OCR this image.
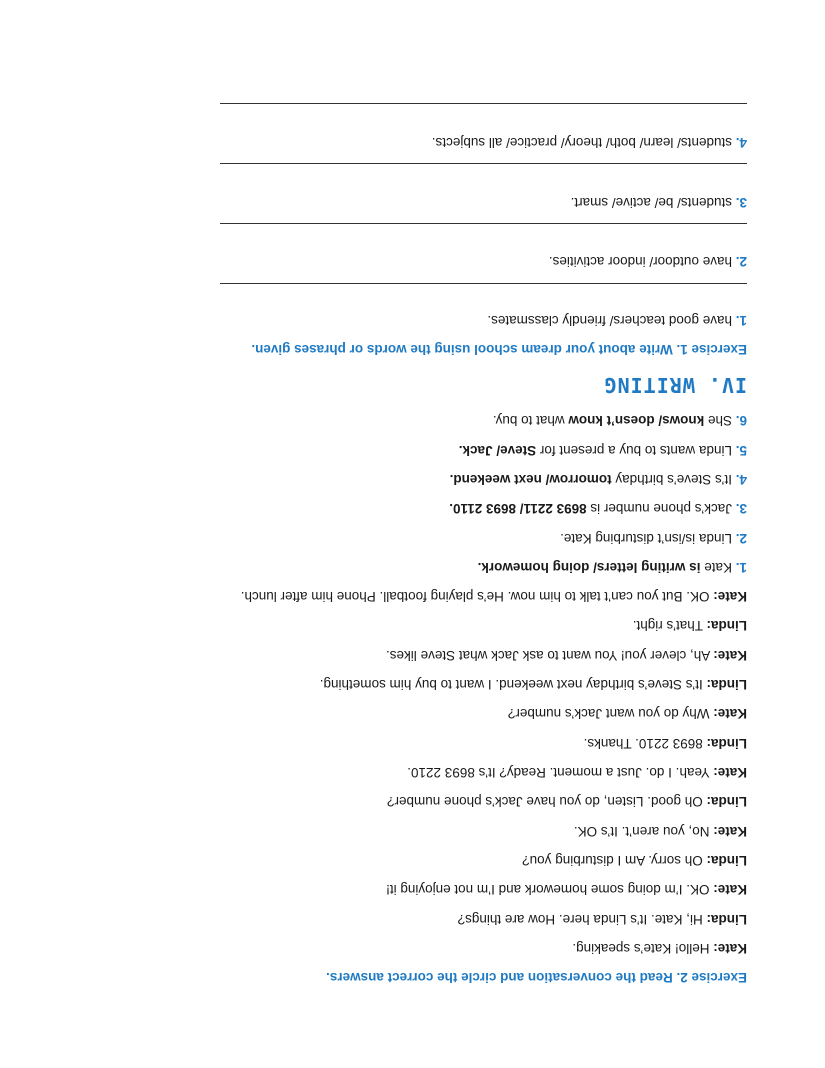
Exercise 2. Read the conversation and circle the correct answers.
Kate: Hello! Kate’s speaking.
Linda: Hi, Kate. It’s Linda here. How are things?
Kate: OK. I’m doing some homework and I’m not enjoying it!
Linda: Oh sorry. Am I disturbing you?
Kate: No, you aren’t. It’s OK.
Linda: Oh good. Listen, do you have Jack’s phone number?
Kate: Yeah. I do. Just a moment. Ready? It’s 8693 2210.
Linda: 8693 2210. Thanks.
Kate: Why do you want Jack’s number?
Linda: It’s Steve’s birthday next weekend. I want to buy him something.
Kate: Ah, clever you! You want to ask Jack what Steve likes.
Linda: That’s right.
Kate: OK. But you can’t talk to him now. He’s playing football. Phone him after lunch.
1. Kate is writing letters/ doing homework.
2. Linda is/isn’t disturbing Kate.
3. Jack’s phone number is 8693 2211/ 8693 2110.
4. It’s Steve’s birthday tomorrow/ next weekend.
5. Linda wants to buy a present for Steve/ Jack.
6. She knows/ doesn’t know what to buy.
IV. WRITING
Exercise 1. Write about your dream school using the words or phrases given.
1. have good teachers/ friendly classmates.
2. have outdoor/ indoor activities.
3. students/ be/ active/ smart.
4. students/ learn/ both/ theory/ practice/ all subjects.
